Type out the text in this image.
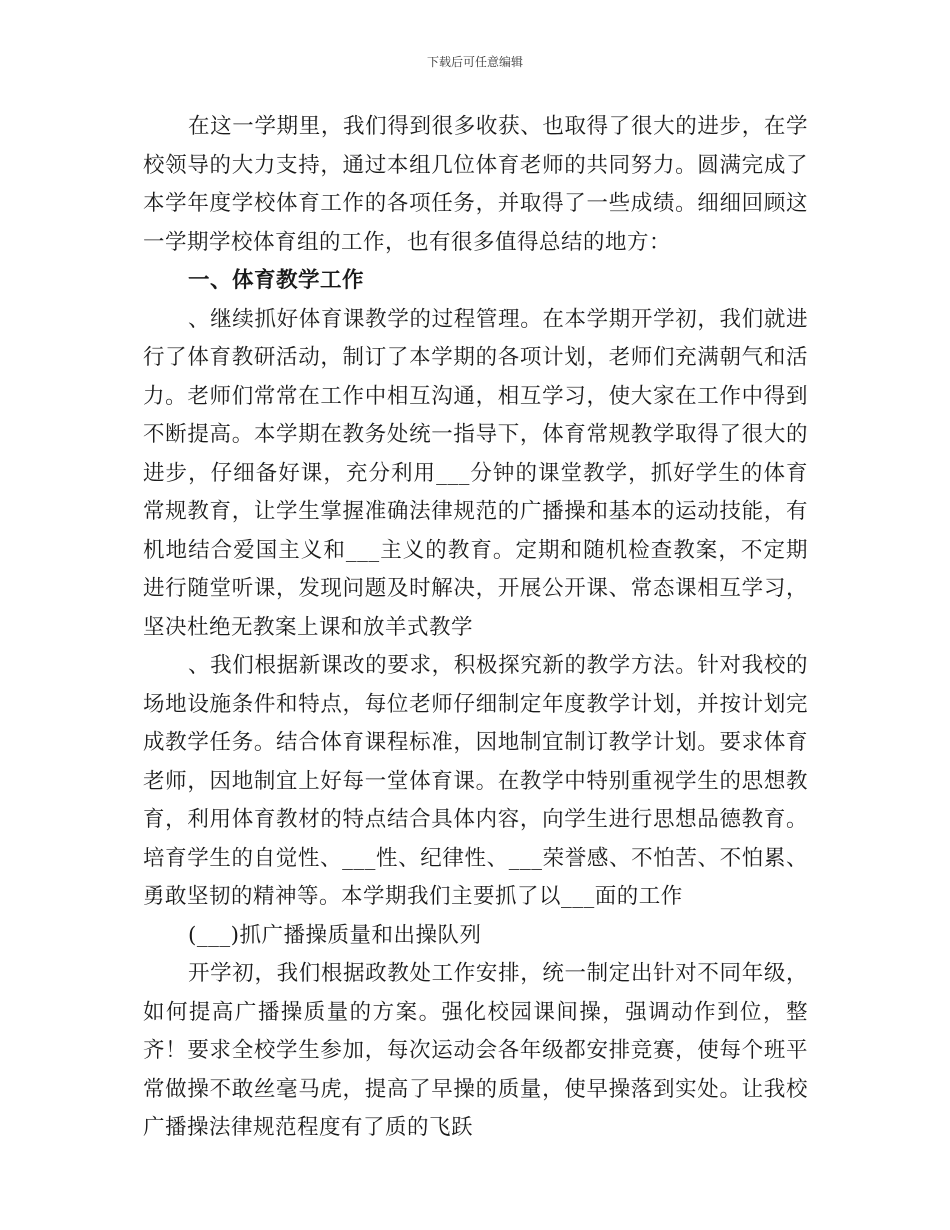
下载后可任意编辑

在这一学期里，我们得到很多收获、也取得了很大的进步，在学校领导的大力支持，通过本组几位体育老师的共同努力。圆满完成了本学年度学校体育工作的各项任务，并取得了一些成绩。细细回顾这一学期学校体育组的工作，也有很多值得总结的地方：

一、体育教学工作

、继续抓好体育课教学的过程管理。在本学期开学初，我们就进行了体育教研活动，制订了本学期的各项计划，老师们充满朝气和活力。老师们常常在工作中相互沟通，相互学习，使大家在工作中得到不断提高。本学期在教务处统一指导下，体育常规教学取得了很大的进步，仔细备好课，充分利用___分钟的课堂教学，抓好学生的体育常规教育，让学生掌握准确法律规范的广播操和基本的运动技能，有机地结合爱国主义和___主义的教育。定期和随机检查教案，不定期进行随堂听课，发现问题及时解决，开展公开课、常态课相互学习，坚决杜绝无教案上课和放羊式教学

、我们根据新课改的要求，积极探究新的教学方法。针对我校的场地设施条件和特点，每位老师仔细制定年度教学计划，并按计划完成教学任务。结合体育课程标准，因地制宜制订教学计划。要求体育老师，因地制宜上好每一堂体育课。在教学中特别重视学生的思想教育，利用体育教材的特点结合具体内容，向学生进行思想品德教育。培育学生的自觉性、___性、纪律性、___荣誉感、不怕苦、不怕累、勇敢坚韧的精神等。本学期我们主要抓了以___面的工作

(___)抓广播操质量和出操队列

开学初，我们根据政教处工作安排，统一制定出针对不同年级，如何提高广播操质量的方案。强化校园课间操，强调动作到位，整齐！要求全校学生参加，每次运动会各年级都安排竞赛，使每个班平常做操不敢丝毫马虎，提高了早操的质量，使早操落到实处。让我校广播操法律规范程度有了质的飞跃
